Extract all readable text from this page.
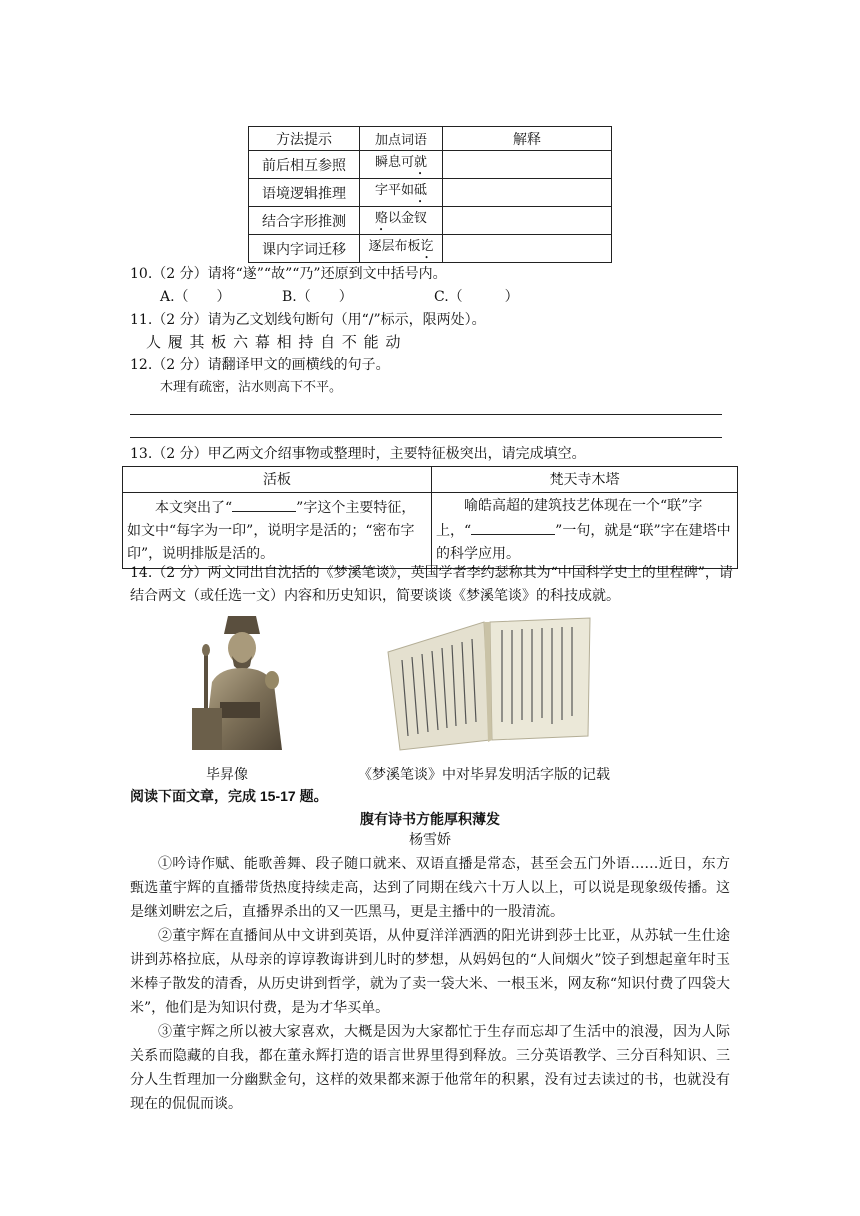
方法提示	加点词语	解释
前后相互参照	瞬息可就	
语境逻辑推理	字平如砥	
结合字形推测	赂以金钗	
课内字词迁移	逐层布板讫	
10.（2 分）请将“遂”“故”“乃”还原到文中括号内。
A.（　　）	B.（　　）	C.（　　　）
11.（2 分）请为乙文划线句断句（用“/”标示，限两处）。
人 履 其 板 六 幕 相 持 自 不 能 动
12.（2 分）请翻译甲文的画横线的句子。
木理有疏密，沾水则高下不平。
13.（2 分）甲乙两文介绍事物或整理时，主要特征极突出，请完成填空。
活板	梵天寺木塔
本文突出了“ ”字这个主要特征，如文中“每字为一印”，说明字是活的；“密布字印”，说明排版是活的。	喻皓高超的建筑技艺体现在一个“联”字上，“ ”一句，就是“联”字在建塔中的科学应用。
14.（2 分）两文同出自沈括的《梦溪笔谈》，英国学者李约瑟称其为“中国科学史上的里程碑”，请结合两文（或任选一文）内容和历史知识，简要谈谈《梦溪笔谈》的科技成就。
毕昇像	《梦溪笔谈》中对毕昇发明活字版的记载
阅读下面文章，完成 15-17 题。
腹有诗书方能厚积薄发
杨雪娇
①吟诗作赋、能歌善舞、段子随口就来、双语直播是常态，甚至会五门外语……近日，东方甄选董宇辉的直播带货热度持续走高，达到了同期在线六十万人以上，可以说是现象级传播。这是继刘畊宏之后，直播界杀出的又一匹黑马，更是主播中的一股清流。
②董宇辉在直播间从中文讲到英语，从仲夏洋洋洒洒的阳光讲到莎士比亚，从苏轼一生仕途讲到苏格拉底，从母亲的谆谆教诲讲到儿时的梦想，从妈妈包的“人间烟火”饺子到想起童年时玉米棒子散发的清香，从历史讲到哲学，就为了卖一袋大米、一根玉米，网友称“知识付费了四袋大米”，他们是为知识付费，是为才华买单。
③董宇辉之所以被大家喜欢，大概是因为大家都忙于生存而忘却了生活中的浪漫，因为人际关系而隐藏的自我，都在董永辉打造的语言世界里得到释放。三分英语教学、三分百科知识、三分人生哲理加一分幽默金句，这样的效果都来源于他常年的积累，没有过去读过的书，也就没有现在的侃侃而谈。
